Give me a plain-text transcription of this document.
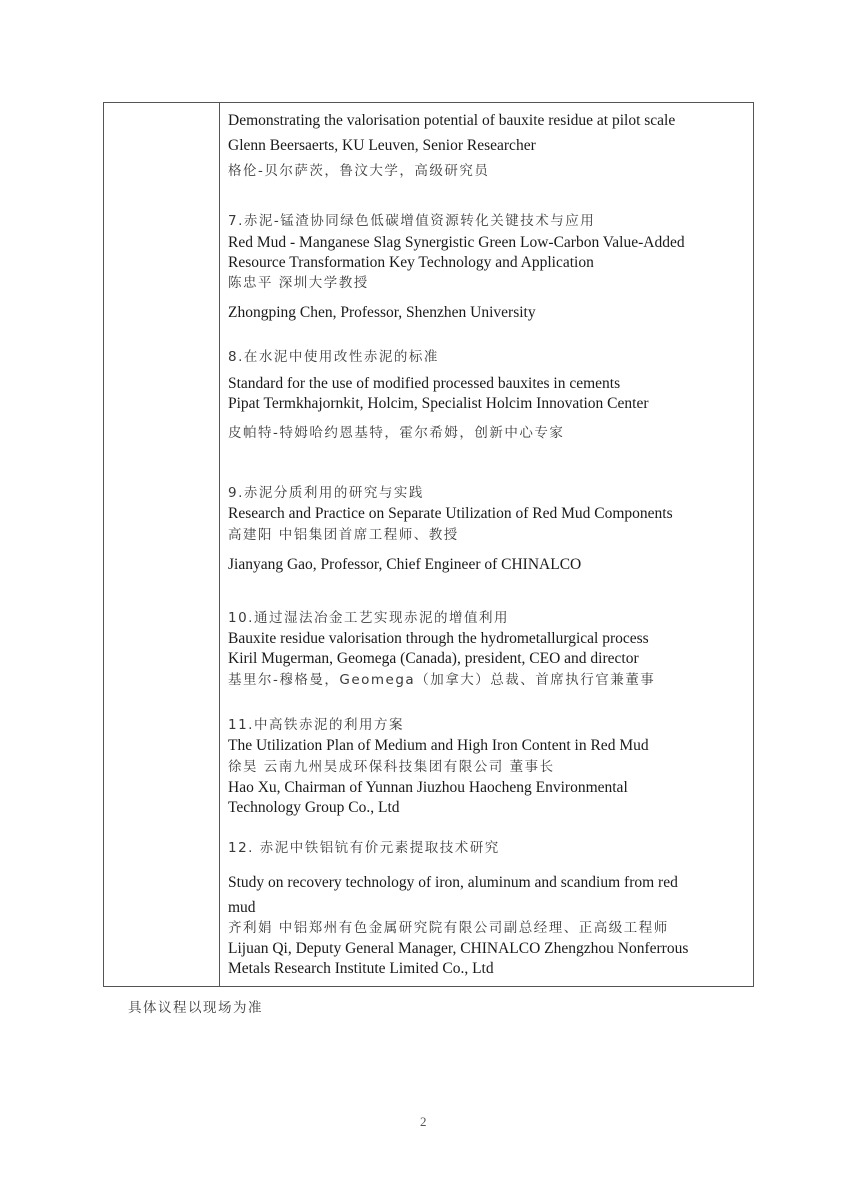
Demonstrating the valorisation potential of bauxite residue at pilot scale
Glenn Beersaerts, KU Leuven, Senior Researcher
格伦-贝尔萨茨，鲁汶大学，高级研究员
7.赤泥-锰渣协同绿色低碳增值资源转化关键技术与应用
Red Mud - Manganese Slag Synergistic Green Low-Carbon Value-Added
Resource Transformation Key Technology and Application
陈忠平 深圳大学教授
Zhongping Chen, Professor, Shenzhen University
8.在水泥中使用改性赤泥的标准
Standard for the use of modified processed bauxites in cements
Pipat Termkhajornkit, Holcim, Specialist Holcim Innovation Center
皮帕特-特姆哈约恩基特，霍尔希姆，创新中心专家
9.赤泥分质利用的研究与实践
Research and Practice on Separate Utilization of Red Mud Components
高建阳 中铝集团首席工程师、教授
Jianyang Gao, Professor, Chief Engineer of CHINALCO
10.通过湿法冶金工艺实现赤泥的增值利用
Bauxite residue valorisation through the hydrometallurgical process
Kiril Mugerman, Geomega (Canada), president, CEO and director
基里尔-穆格曼，Geomega（加拿大）总裁、首席执行官兼董事
11.中高铁赤泥的利用方案
The Utilization Plan of Medium and High Iron Content in Red Mud
徐昊 云南九州昊成环保科技集团有限公司 董事长
Hao Xu, Chairman of Yunnan Jiuzhou Haocheng Environmental
Technology Group Co., Ltd
12. 赤泥中铁铝钪有价元素提取技术研究
Study on recovery technology of iron, aluminum and scandium from red
mud
齐利娟 中铝郑州有色金属研究院有限公司副总经理、正高级工程师
Lijuan Qi, Deputy General Manager, CHINALCO Zhengzhou Nonferrous
Metals Research Institute Limited Co., Ltd
具体议程以现场为准
2
